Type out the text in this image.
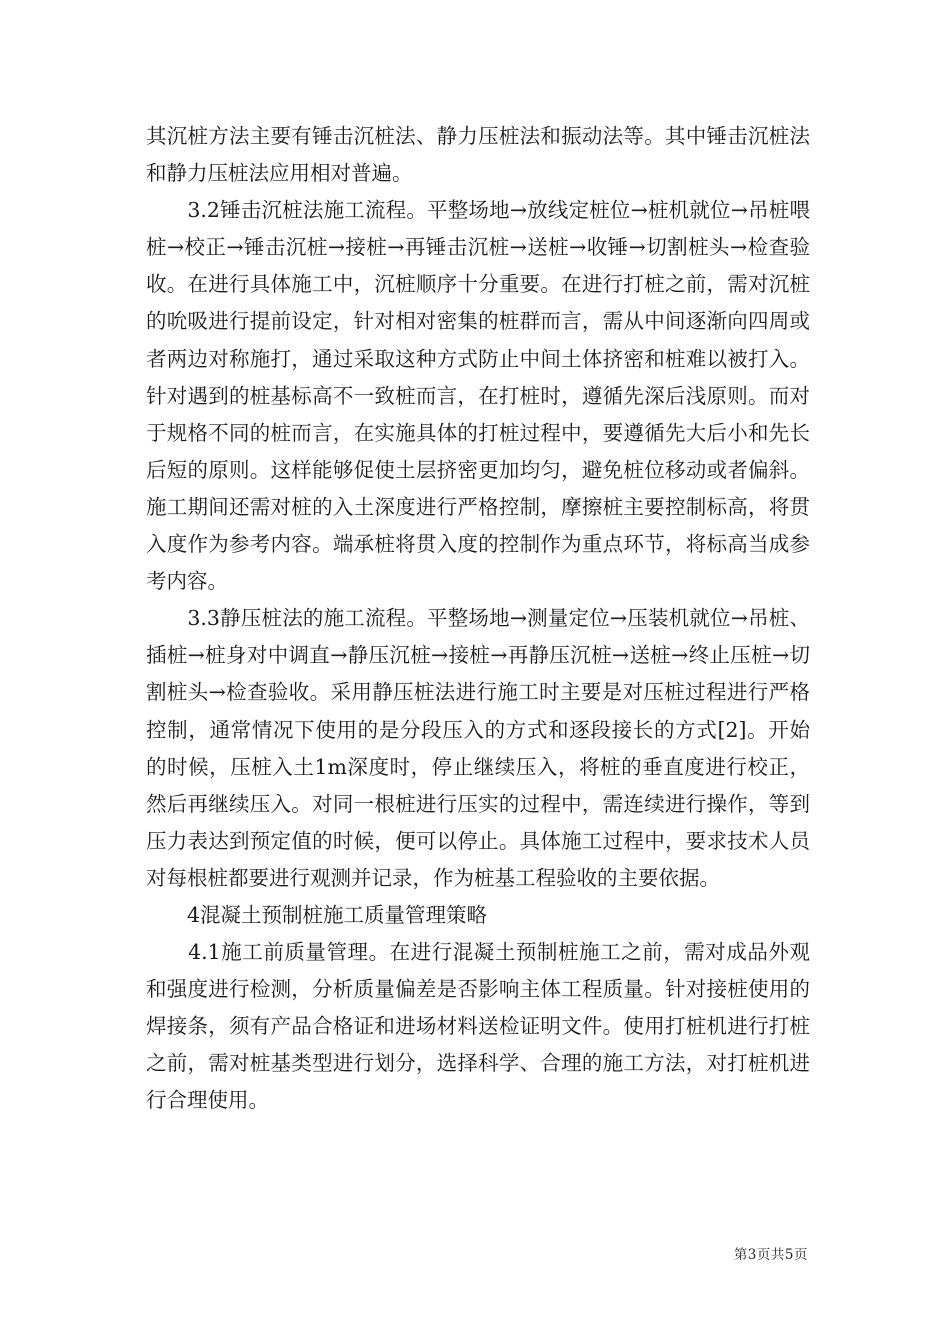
其沉桩方法主要有锤击沉桩法、静力压桩法和振动法等。其中锤击沉桩法和静力压桩法应用相对普遍。

　　3.2锤击沉桩法施工流程。平整场地→放线定桩位→桩机就位→吊桩喂桩→校正→锤击沉桩→接桩→再锤击沉桩→送桩→收锤→切割桩头→检查验收。在进行具体施工中，沉桩顺序十分重要。在进行打桩之前，需对沉桩的吮吸进行提前设定，针对相对密集的桩群而言，需从中间逐渐向四周或者两边对称施打，通过采取这种方式防止中间土体挤密和桩难以被打入。针对遇到的桩基标高不一致桩而言，在打桩时，遵循先深后浅原则。而对于规格不同的桩而言，在实施具体的打桩过程中，要遵循先大后小和先长后短的原则。这样能够促使土层挤密更加均匀，避免桩位移动或者偏斜。施工期间还需对桩的入土深度进行严格控制，摩擦桩主要控制标高，将贯入度作为参考内容。端承桩将贯入度的控制作为重点环节，将标高当成参考内容。

　　3.3静压桩法的施工流程。平整场地→测量定位→压装机就位→吊桩、插桩→桩身对中调直→静压沉桩→接桩→再静压沉桩→送桩→终止压桩→切割桩头→检查验收。采用静压桩法进行施工时主要是对压桩过程进行严格控制，通常情况下使用的是分段压入的方式和逐段接长的方式[2]。开始的时候，压桩入土1m深度时，停止继续压入，将桩的垂直度进行校正，然后再继续压入。对同一根桩进行压实的过程中，需连续进行操作，等到压力表达到预定值的时候，便可以停止。具体施工过程中，要求技术人员对每根桩都要进行观测并记录，作为桩基工程验收的主要依据。

　　4混凝土预制桩施工质量管理策略

　　4.1施工前质量管理。在进行混凝土预制桩施工之前，需对成品外观和强度进行检测，分析质量偏差是否影响主体工程质量。针对接桩使用的焊接条，须有产品合格证和进场材料送检证明文件。使用打桩机进行打桩之前，需对桩基类型进行划分，选择科学、合理的施工方法，对打桩机进行合理使用。

第3页共5页
